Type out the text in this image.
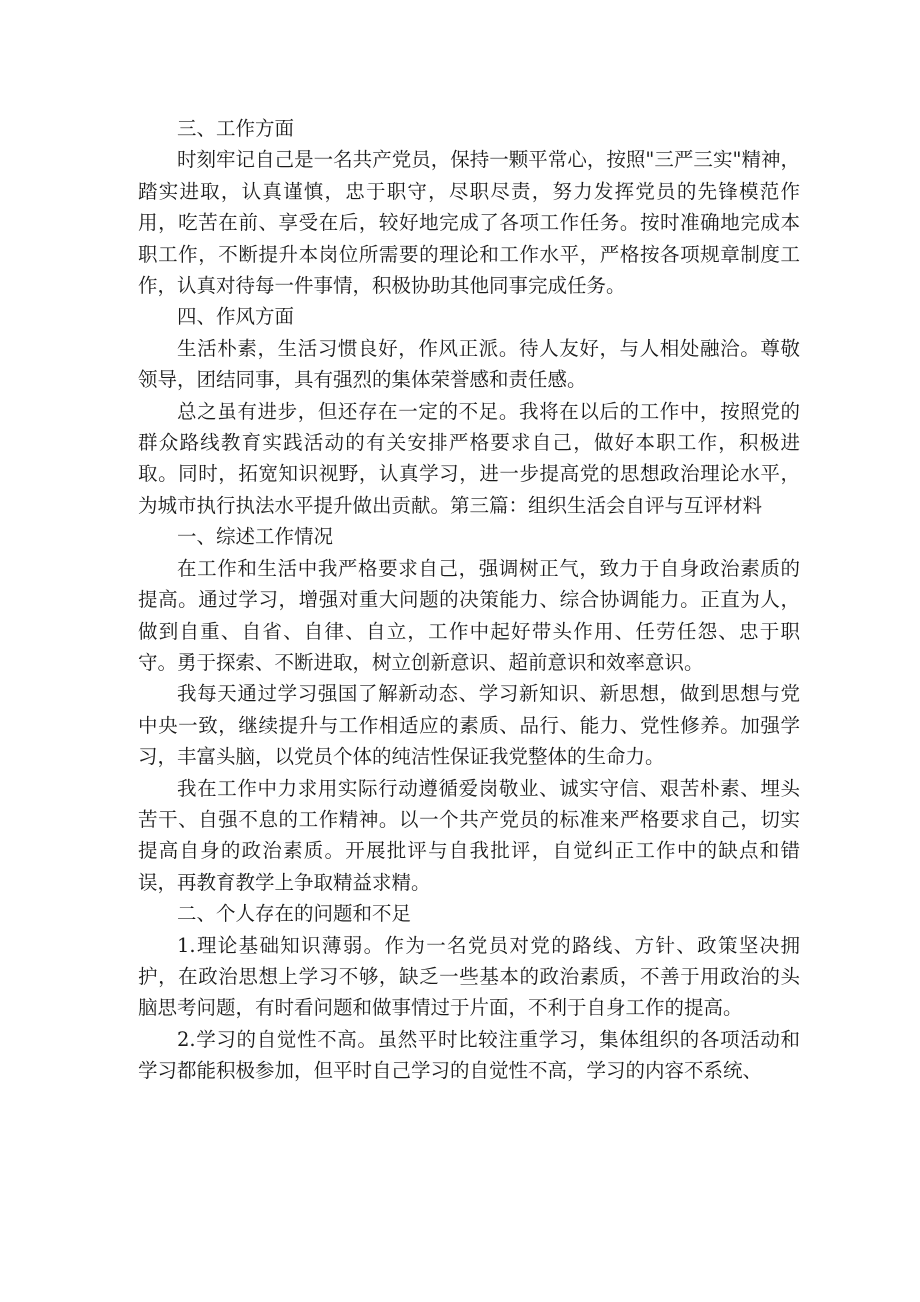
三、工作方面

时刻牢记自己是一名共产党员，保持一颗平常心，按照"三严三实"精神，踏实进取，认真谨慎，忠于职守，尽职尽责，努力发挥党员的先锋模范作用，吃苦在前、享受在后，较好地完成了各项工作任务。按时准确地完成本职工作，不断提升本岗位所需要的理论和工作水平，严格按各项规章制度工作，认真对待每一件事情，积极协助其他同事完成任务。

四、作风方面

生活朴素，生活习惯良好，作风正派。待人友好，与人相处融洽。尊敬领导，团结同事，具有强烈的集体荣誉感和责任感。

总之虽有进步，但还存在一定的不足。我将在以后的工作中，按照党的群众路线教育实践活动的有关安排严格要求自己，做好本职工作，积极进取。同时，拓宽知识视野，认真学习，进一步提高党的思想政治理论水平，为城市执行执法水平提升做出贡献。第三篇：组织生活会自评与互评材料

一、综述工作情况

在工作和生活中我严格要求自己，强调树正气，致力于自身政治素质的提高。通过学习，增强对重大问题的决策能力、综合协调能力。正直为人，做到自重、自省、自律、自立，工作中起好带头作用、任劳任怨、忠于职守。勇于探索、不断进取，树立创新意识、超前意识和效率意识。

我每天通过学习强国了解新动态、学习新知识、新思想，做到思想与党中央一致，继续提升与工作相适应的素质、品行、能力、党性修养。加强学习，丰富头脑，以党员个体的纯洁性保证我党整体的生命力。

我在工作中力求用实际行动遵循爱岗敬业、诚实守信、艰苦朴素、埋头苦干、自强不息的工作精神。以一个共产党员的标准来严格要求自己，切实提高自身的政治素质。开展批评与自我批评，自觉纠正工作中的缺点和错误，再教育教学上争取精益求精。

二、个人存在的问题和不足

1.理论基础知识薄弱。作为一名党员对党的路线、方针、政策坚决拥护，在政治思想上学习不够，缺乏一些基本的政治素质，不善于用政治的头脑思考问题，有时看问题和做事情过于片面，不利于自身工作的提高。

2.学习的自觉性不高。虽然平时比较注重学习，集体组织的各项活动和学习都能积极参加，但平时自己学习的自觉性不高，学习的内容不系统、
